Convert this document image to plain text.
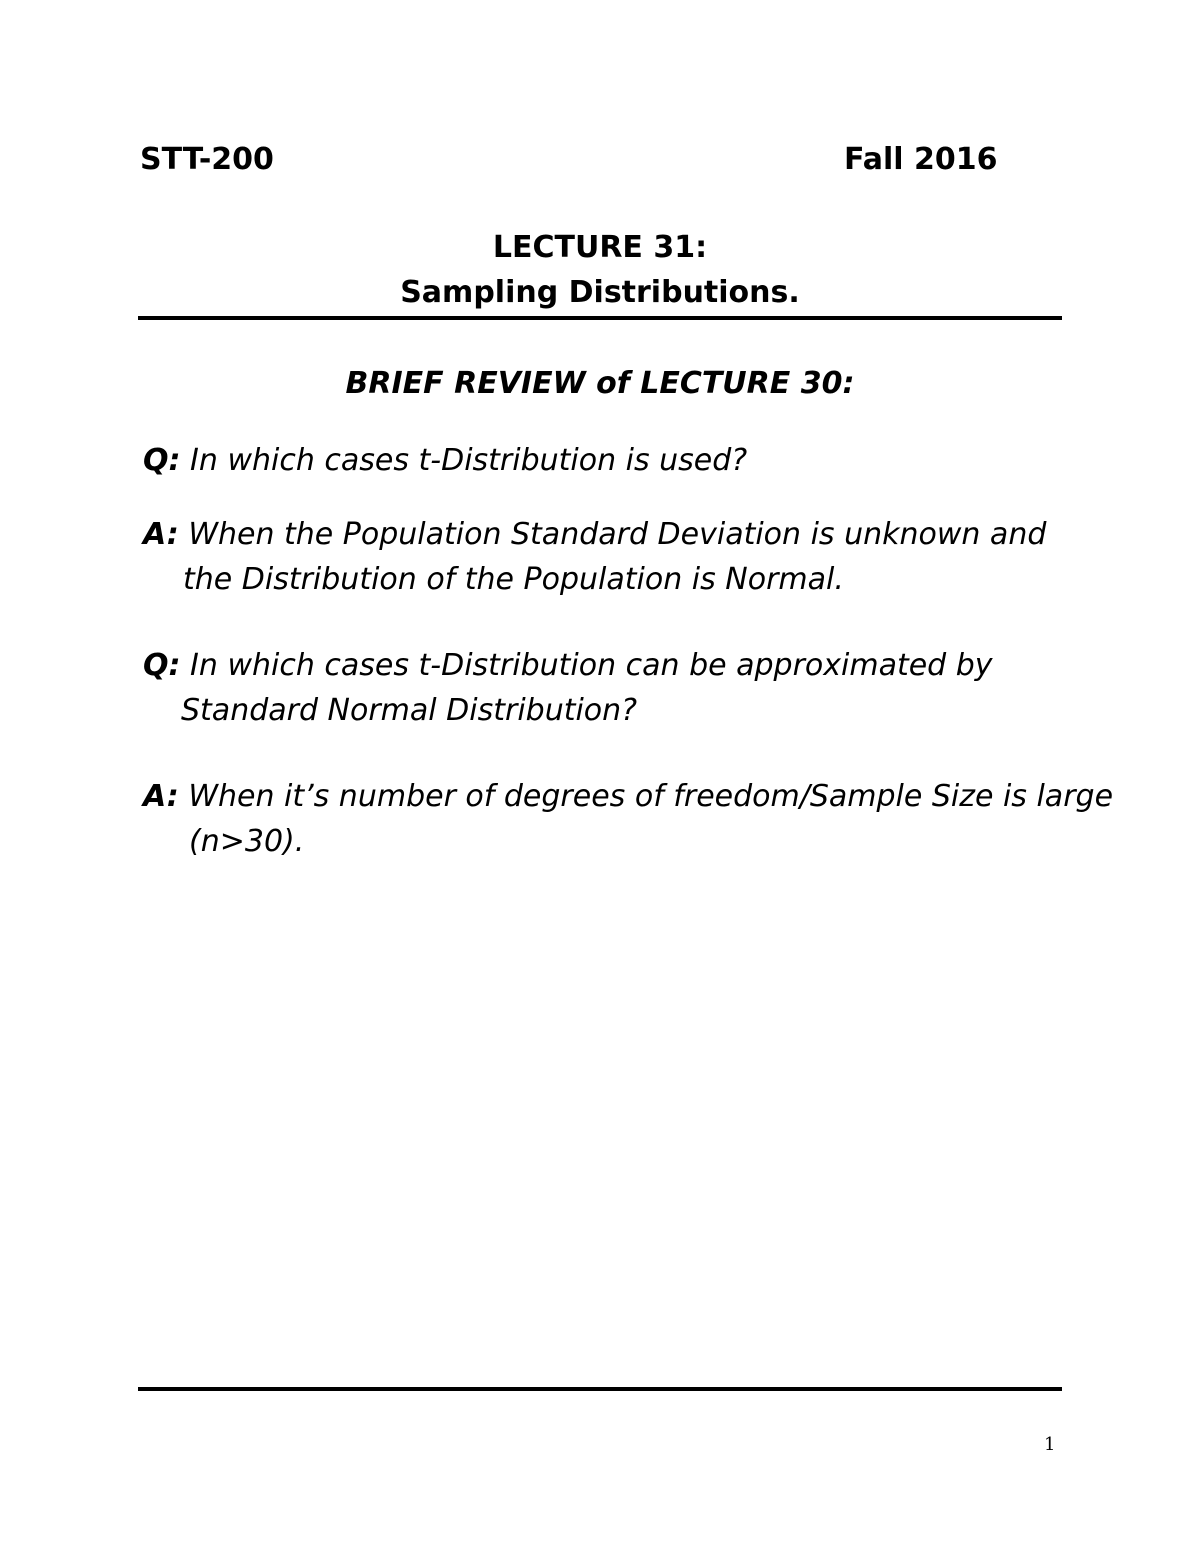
STT-200	Fall 2016
LECTURE 31:
Sampling Distributions.
BRIEF REVIEW of LECTURE 30:
Q: In which cases t-Distribution is used?
A: When the Population Standard Deviation is unknown and
the Distribution of the Population is Normal.
Q: In which cases t-Distribution can be approximated by
Standard Normal Distribution?
A: When it’s number of degrees of freedom/Sample Size is large
(n>30).
1
